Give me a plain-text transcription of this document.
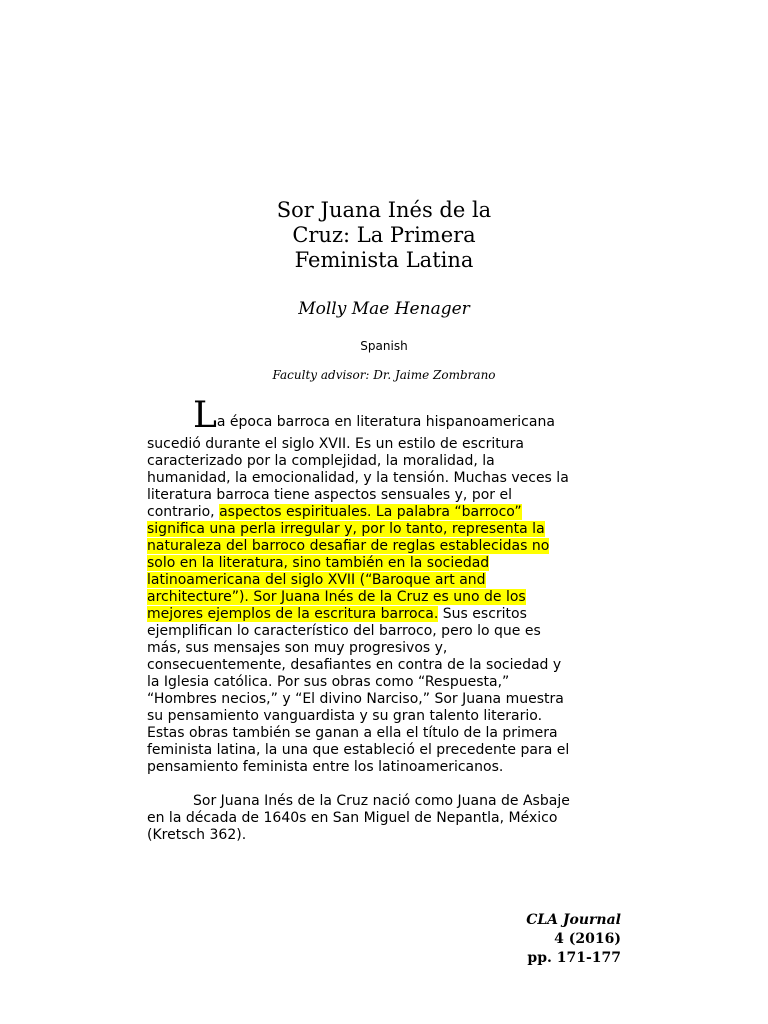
Sor Juana Inés de la
Cruz: La Primera
Feminista Latina
Molly Mae Henager
Spanish
Faculty advisor: Dr. Jaime Zombrano
La época barroca en literatura hispanoamericana
sucedió durante el siglo XVII. Es un estilo de escritura
caracterizado por la complejidad, la moralidad, la
humanidad, la emocionalidad, y la tensión. Muchas veces la
literatura barroca tiene aspectos sensuales y, por el
contrario, aspectos espirituales. La palabra “barroco”
significa una perla irregular y, por lo tanto, representa la
naturaleza del barroco desafiar de reglas establecidas no
solo en la literatura, sino también en la sociedad
latinoamericana del siglo XVII (“Baroque art and
architecture”). Sor Juana Inés de la Cruz es uno de los
mejores ejemplos de la escritura barroca. Sus escritos
ejemplifican lo característico del barroco, pero lo que es
más, sus mensajes son muy progresivos y,
consecuentemente, desafiantes en contra de la sociedad y
la Iglesia católica. Por sus obras como “Respuesta,”
“Hombres necios,” y “El divino Narciso,” Sor Juana muestra
su pensamiento vanguardista y su gran talento literario.
Estas obras también se ganan a ella el título de la primera
feminista latina, la una que estableció el precedente para el
pensamiento feminista entre los latinoamericanos.
Sor Juana Inés de la Cruz nació como Juana de Asbaje
en la década de 1640s en San Miguel de Nepantla, México
(Kretsch 362).
CLA Journal
4 (2016)
pp. 171-177
